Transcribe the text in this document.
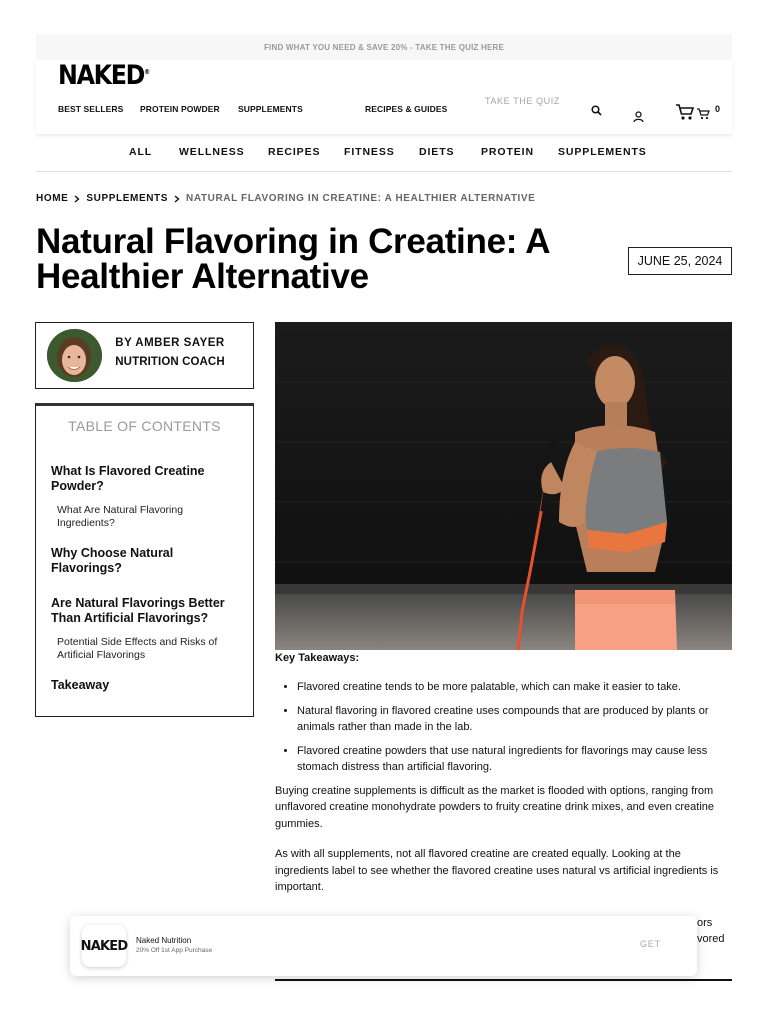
FIND WHAT YOU NEED & SAVE 20% - TAKE THE QUIZ HERE
NAKED®
BEST SELLERS PROTEIN POWDER SUPPLEMENTS	RECIPES & GUIDES
TAKE THE QUIZ
0
ALL	WELLNESS RECIPES FITNESS DIETS	PROTEIN SUPPLEMENTS
HOME SUPPLEMENTS NATURAL FLAVORING IN CREATINE: A HEALTHIER ALTERNATIVE
Natural Flavoring in Creatine: A Healthier Alternative	JUNE 25, 2024
BY AMBER SAYER
NUTRITION COACH
TABLE OF CONTENTS
What Is Flavored Creatine Powder?
What Are Natural Flavoring Ingredients?
Why Choose Natural Flavorings?
Are Natural Flavorings Better Than Artificial Flavorings?
Potential Side Effects and Risks of Artificial Flavorings
Takeaway
Key Takeaways:
• Flavored creatine tends to be more palatable, which can make it easier to take.
• Natural flavoring in flavored creatine uses compounds that are produced by plants or animals rather than made in the lab.
• Flavored creatine powders that use natural ingredients for flavorings may cause less stomach distress than artificial flavoring.

Buying creatine supplements is difficult as the market is flooded with options, ranging from unflavored creatine monohydrate powders to fruity creatine drink mixes, and even creatine gummies.

As with all supplements, not all flavored creatine are created equally. Looking at the ingredients label to see whether the flavored creatine uses natural vs artificial ingredients is important.

ors
vored
NAKED Naked Nutrition
20% Off 1st App Purchase
GET
